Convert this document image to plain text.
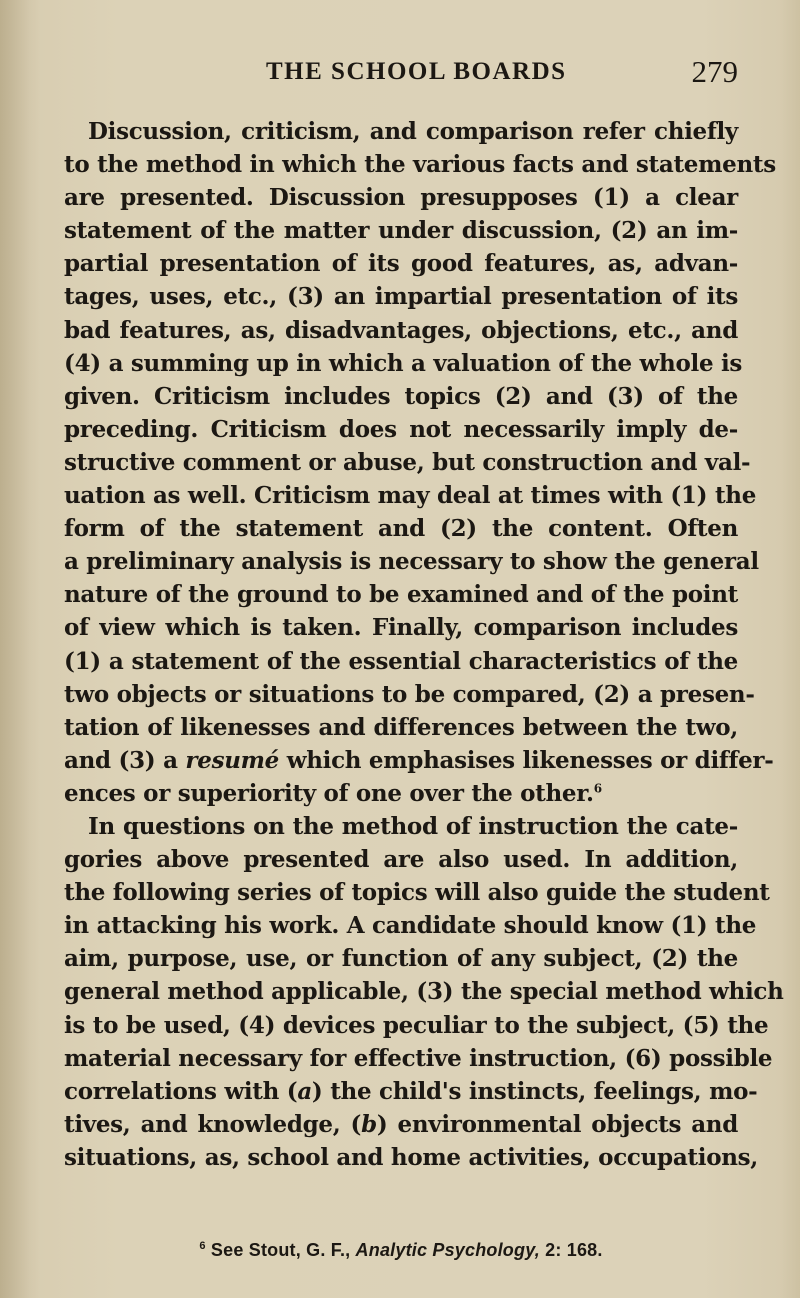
THE SCHOOL BOARDS	279
Discussion, criticism, and comparison refer chiefly
to the method in which the various facts and statements
are presented. Discussion presupposes (1) a clear
statement of the matter under discussion, (2) an im-
partial presentation of its good features, as, advan-
tages, uses, etc., (3) an impartial presentation of its
bad features, as, disadvantages, objections, etc., and
(4) a summing up in which a valuation of the whole is
given. Criticism includes topics (2) and (3) of the
preceding. Criticism does not necessarily imply de-
structive comment or abuse, but construction and val-
uation as well. Criticism may deal at times with (1) the
form of the statement and (2) the content. Often
a preliminary analysis is necessary to show the general
nature of the ground to be examined and of the point
of view which is taken. Finally, comparison includes
(1) a statement of the essential characteristics of the
two objects or situations to be compared, (2) a presen-
tation of likenesses and differences between the two,
and (3) a resumé which emphasises likenesses or differ-
ences or superiority of one over the other.$^6$
In questions on the method of instruction the cate-
gories above presented are also used. In addition,
the following series of topics will also guide the student
in attacking his work. A candidate should know (1) the
aim, purpose, use, or function of any subject, (2) the
general method applicable, (3) the special method which
is to be used, (4) devices peculiar to the subject, (5) the
material necessary for effective instruction, (6) possible
correlations with (a) the child's instincts, feelings, mo-
tives, and knowledge, (b) environmental objects and
situations, as, school and home activities, occupations,
$^6$ See Stout, G. F., Analytic Psychology, 2: 168.
